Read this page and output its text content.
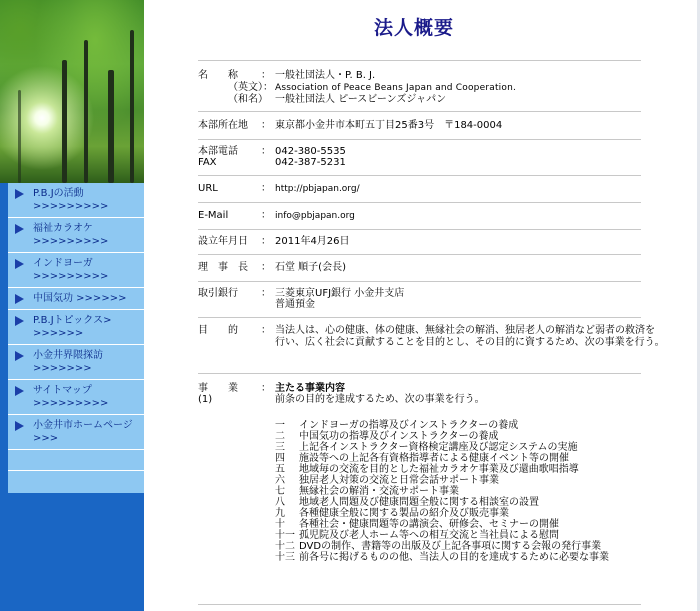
P.B.Jの活動 >>>>>>>>>
福祉カラオケ >>>>>>>>>
インドヨーガ >>>>>>>>>
中国気功 >>>>>>
P.B.Jトピックス> >>>>>>
小金井界隈探訪 >>>>>>>
サイトマップ >>>>>>>>>
小金井市ホームページ >>>
法人概要
名　　称 ： 一般社団法人・P. B. J.
（英文）： Association of Peace Beans Japan and Cooperation.
（和名） 一般社団法人 ピースビーンズジャパン
本部所在地 ： 東京都小金井市本町五丁目25番3号　〒184-0004
本部電話
FAX
： 042-380-5535
042-387-5231
URL	： http://pbjapan.org/
E-Mail	： info@pbjapan.org
設立年月日 ： 2011年4月26日
理　事　長 ： 石堂 順子(会長)
取引銀行 ： 三菱東京UFJ銀行 小金井支店
普通預金
目　　的 ： 当法人は、心の健康、体の健康、無縁社会の解消、独居老人の解消など弱者の救済を
行い、広く社会に貢献することを目的とし、その目的に資するため、次の事業を行う。
事　　業
(1)
： 主たる事業内容
前条の目的を達成するため、次の事業を行う。
一 インドヨーガの指導及びインストラクターの養成
二 中国気功の指導及びインストラクターの養成
三 上記各インストラクター資格検定講座及び認定システムの実施
四 施設等への上記各有資格指導者による健康イベント等の開催
五 地域毎の交流を目的とした福祉カラオケ事業及び還曲歌唱指導
六 独居老人対策の交流と日常会話サポート事業
七 無縁社会の解消・交流サポート事業
八 地域老人問題及び健康問題全般に関する相談室の設置
九 各種健康全般に関する製品の紹介及び販売事業
十 各種社会・健康問題等の講演会、研修会、セミナーの開催
十一 孤児院及び老人ホーム等への相互交流と当社員による慰問
十二 DVDの制作、書籍等の出版及び上記各事項に関する会報の発行事業
十三 前各号に掲げるものの他、当法人の目的を達成するために必要な事業
